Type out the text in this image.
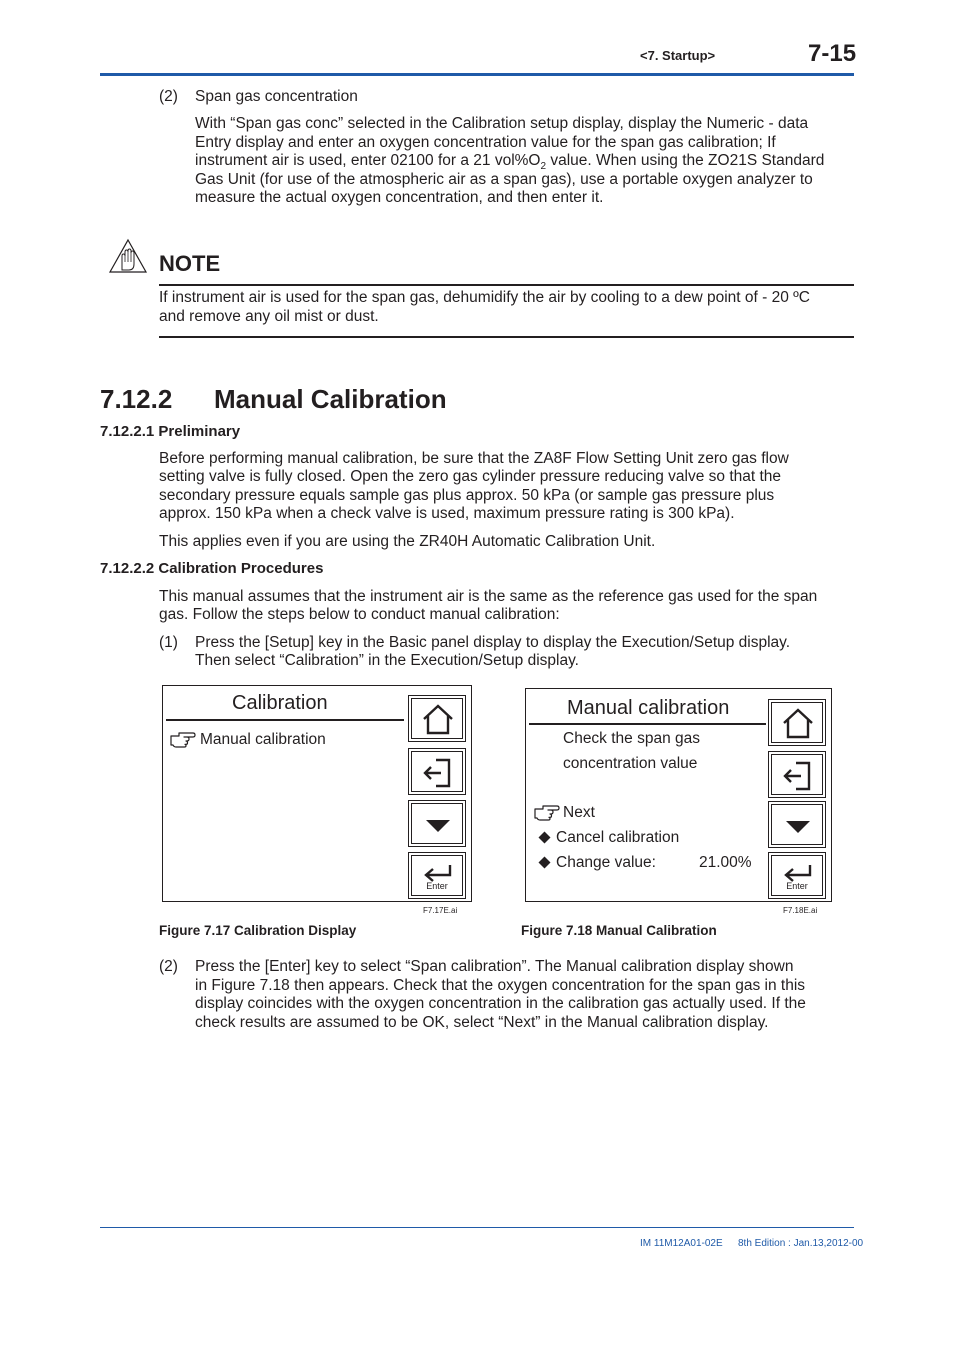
<7. Startup>	7-15
(2) Span gas concentration
With “Span gas conc” selected in the Calibration setup display, display the Numeric - data
Entry display and enter an oxygen concentration value for the span gas calibration; If
instrument air is used, enter 02100 for a 21 $vol\%O_2$ value. When using the ZO21S Standard
Gas Unit (for use of the atmospheric air as a span gas), use a portable oxygen analyzer to
measure the actual oxygen concentration, and then enter it.
NOTE
If instrument air is used for the span gas, dehumidify the air by cooling to a dew point of - 20 ºC
and remove any oil mist or dust.
7.12.2 Manual Calibration
7.12.2.1 Preliminary
Before performing manual calibration, be sure that the ZA8F Flow Setting Unit zero gas flow
setting valve is fully closed. Open the zero gas cylinder pressure reducing valve so that the
secondary pressure equals sample gas plus approx. 50 kPa (or sample gas pressure plus
approx. 150 kPa when a check valve is used, maximum pressure rating is 300 kPa).
This applies even if you are using the ZR40H Automatic Calibration Unit.
7.12.2.2 Calibration Procedures
This manual assumes that the instrument air is the same as the reference gas used for the span
gas. Follow the steps below to conduct manual calibration:
(1) Press the [Setup] key in the Basic panel display to display the Execution/Setup display.
Then select “Calibration” in the Execution/Setup display.
Calibration
Manual calibration
Enter
F7.17E.ai
Figure 7.17 Calibration Display
Manual calibration
Check the span gas
concentration value
Next
Cancel calibration
Change value:	21.00%
Enter
F7.18E.ai
Figure 7.18 Manual Calibration
(2) Press the [Enter] key to select “Span calibration”. The Manual calibration display shown
in Figure 7.18 then appears. Check that the oxygen concentration for the span gas in this
display coincides with the oxygen concentration in the calibration gas actually used. If the
check results are assumed to be OK, select “Next” in the Manual calibration display.
IM 11M12A01-02E 8th Edition : Jan.13,2012-00
